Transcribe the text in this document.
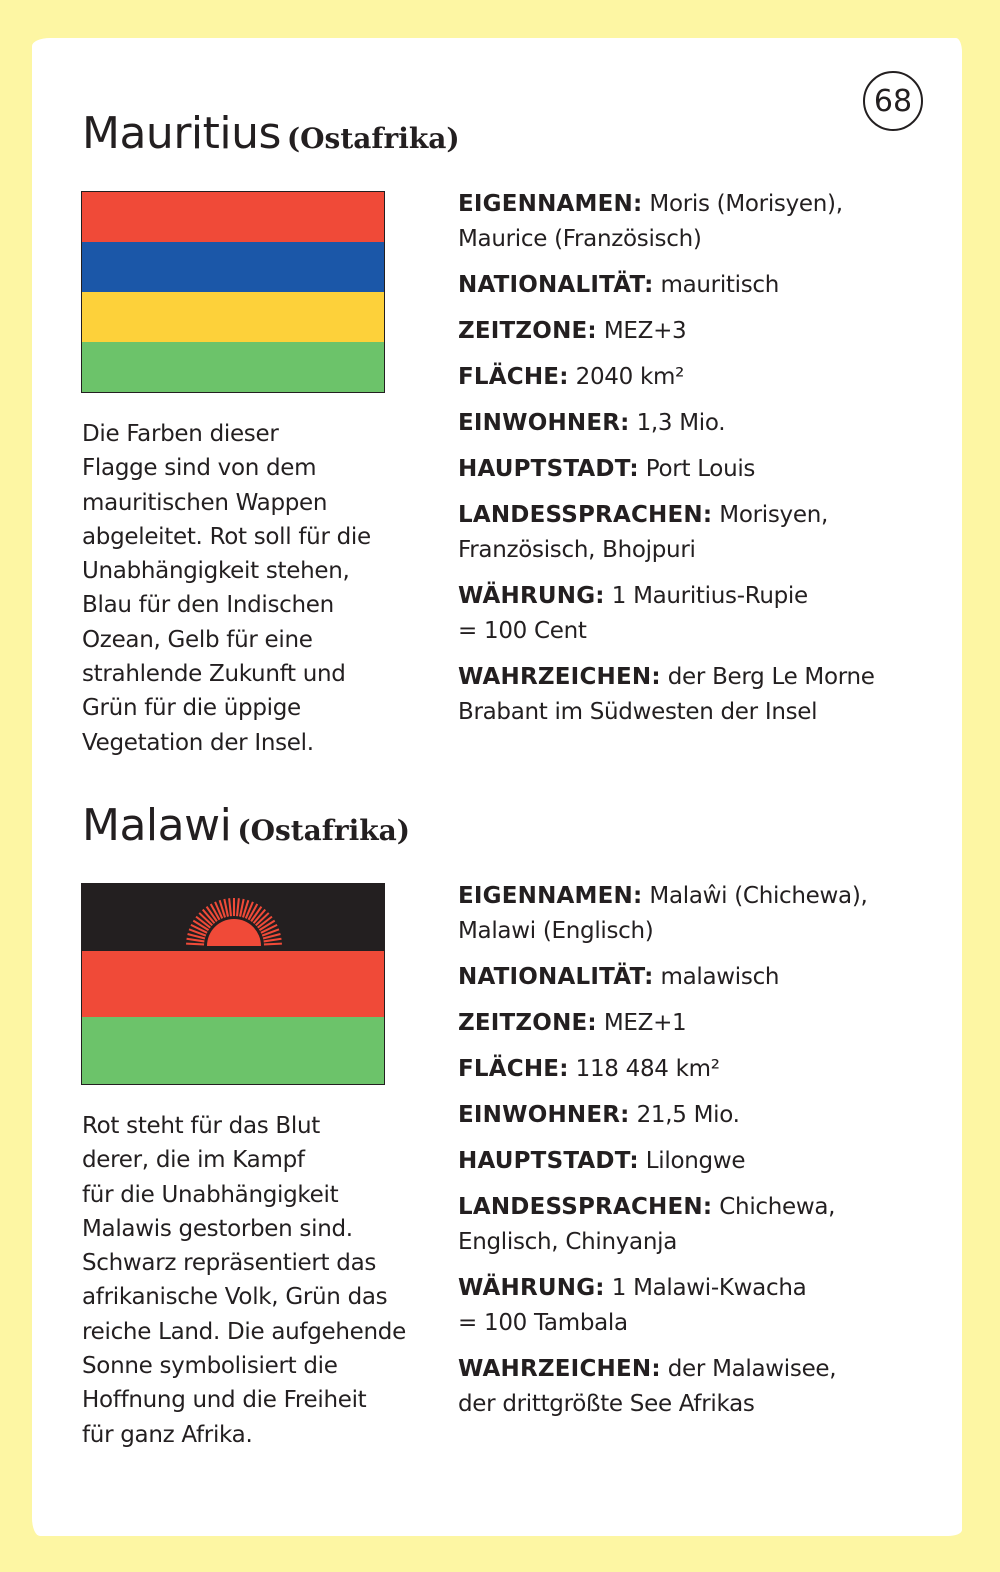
68
Mauritius (Ostafrika)
Die Farben dieser
Flagge sind von dem
mauritischen Wappen
abgeleitet. Rot soll für die
Unabhängigkeit stehen,
Blau für den Indischen
Ozean, Gelb für eine
strahlende Zukunft und
Grün für die üppige
Vegetation der Insel.
EIGENNAMEN: Moris (Morisyen),
Maurice (Französisch)
NATIONALITÄT: mauritisch
ZEITZONE: MEZ+3
FLÄCHE: 2040 km²
EINWOHNER: 1,3 Mio.
HAUPTSTADT: Port Louis
LANDESSPRACHEN: Morisyen,
Französisch, Bhojpuri
WÄHRUNG: 1 Mauritius-Rupie
= 100 Cent
WAHRZEICHEN: der Berg Le Morne
Brabant im Südwesten der Insel
Malawi (Ostafrika)
Rot steht für das Blut
derer, die im Kampf
für die Unabhängigkeit
Malawis gestorben sind.
Schwarz repräsentiert das
afrikanische Volk, Grün das
reiche Land. Die aufgehende
Sonne symbolisiert die
Hoffnung und die Freiheit
für ganz Afrika.
EIGENNAMEN: Malaŵi (Chichewa),
Malawi (Englisch)
NATIONALITÄT: malawisch
ZEITZONE: MEZ+1
FLÄCHE: 118 484 km²
EINWOHNER: 21,5 Mio.
HAUPTSTADT: Lilongwe
LANDESSPRACHEN: Chichewa,
Englisch, Chinyanja
WÄHRUNG: 1 Malawi-Kwacha
= 100 Tambala
WAHRZEICHEN: der Malawisee,
der drittgrößte See Afrikas
